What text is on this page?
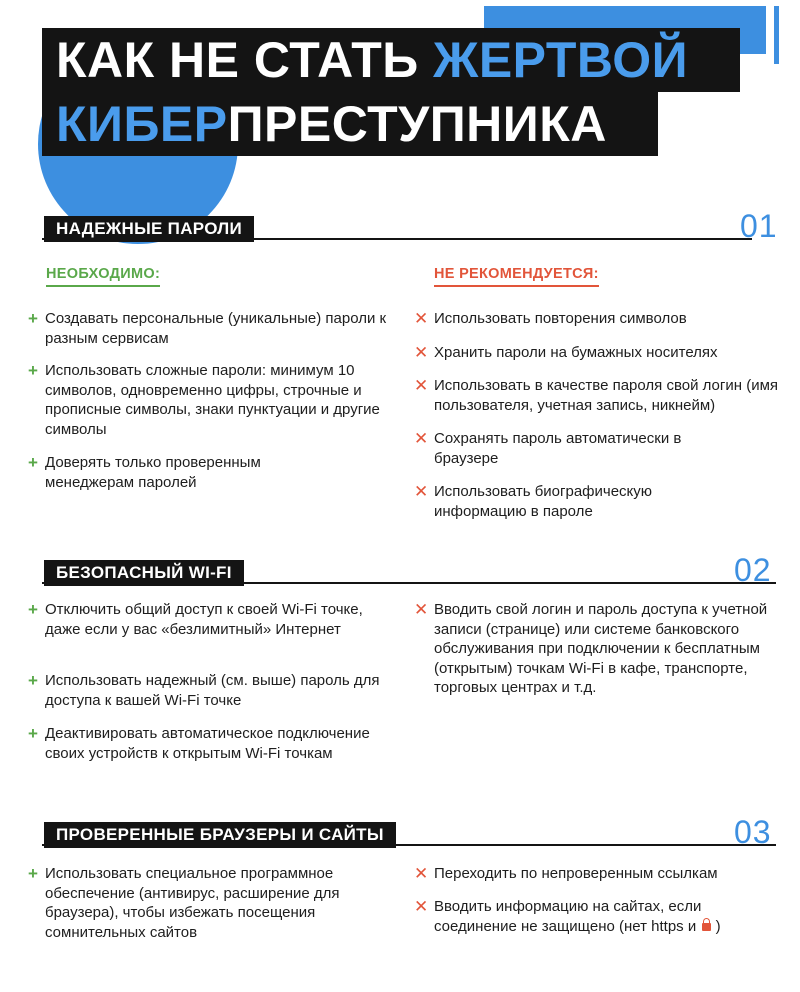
КАК НЕ СТАТЬ ЖЕРТВОЙ
КИБЕРПРЕСТУПНИКА
НАДЕЖНЫЕ ПАРОЛИ	01
НЕОБХОДИМО:	НЕ РЕКОМЕНДУЕТСЯ:
+ Создавать персональные (уникальные) пароли к разным сервисам
+ Использовать сложные пароли: минимум 10 символов, одновременно цифры, строчные и прописные символы, знаки пунктуации и другие символы
+ Доверять только проверенным менеджерам паролей
✕ Использовать повторения символов
✕ Хранить пароли на бумажных носителях
✕ Использовать в качестве пароля свой логин (имя пользователя, учетная запись, никнейм)
✕ Сохранять пароль автоматически в браузере
✕ Использовать биографическую информацию в пароле
БЕЗОПАСНЫЙ WI-FI	02
+ Отключить общий доступ к своей Wi-Fi точке, даже если у вас «безлимитный» Интернет
+ Использовать надежный (см. выше) пароль для доступа к вашей Wi-Fi точке
+ Деактивировать автоматическое подключение своих устройств к открытым Wi-Fi точкам
✕ Вводить свой логин и пароль доступа к учетной записи (странице) или системе банковского обслуживания при подключении к бесплатным (открытым) точкам Wi-Fi в кафе, транспорте, торговых центрах и т.д.
ПРОВЕРЕННЫЕ БРАУЗЕРЫ И САЙТЫ	03
+ Использовать специальное программное обеспечение (антивирус, расширение для браузера), чтобы избежать посещения сомнительных сайтов
✕ Переходить по непроверенным ссылкам
✕ Вводить информацию на сайтах, если соединение не защищено (нет https и )
